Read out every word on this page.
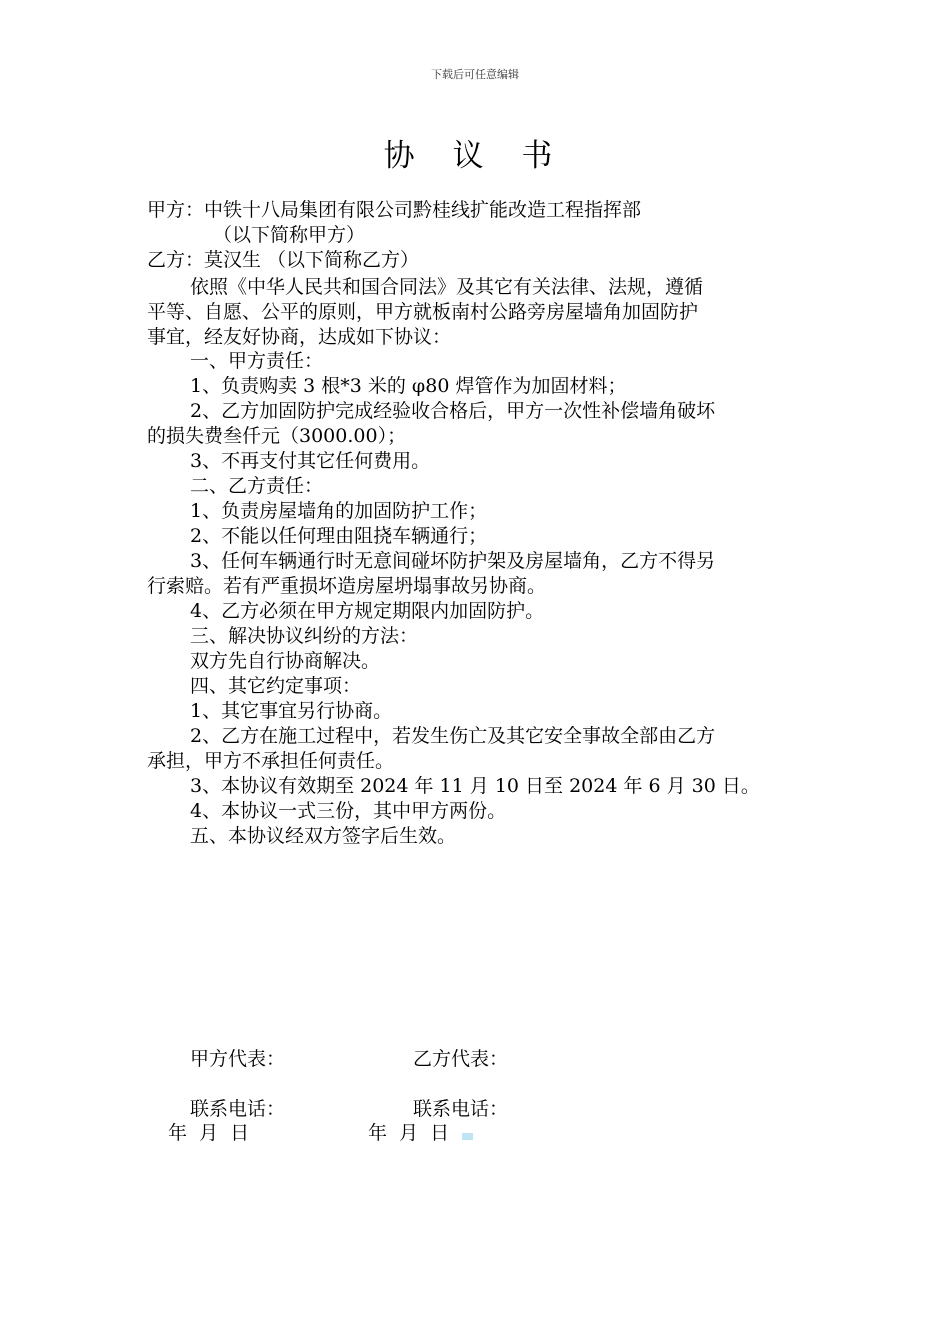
下载后可任意编辑
协 议 书
甲方：中铁十八局集团有限公司黔桂线扩能改造工程指挥部
（以下简称甲方）
乙方：莫汉生 （以下简称乙方）
依照《中华人民共和国合同法》及其它有关法律、法规，遵循
平等、自愿、公平的原则，甲方就板南村公路旁房屋墙角加固防护
事宜，经友好协商，达成如下协议：
一、甲方责任：
1、负责购卖 3 根*3 米的 φ80 焊管作为加固材料；
2、乙方加固防护完成经验收合格后，甲方一次性补偿墙角破坏
的损失费叁仟元（3000.00）；
3、不再支付其它任何费用。
二、乙方责任：
1、负责房屋墙角的加固防护工作；
2、不能以任何理由阻挠车辆通行；
3、任何车辆通行时无意间碰坏防护架及房屋墙角，乙方不得另
行索赔。若有严重损坏造房屋坍塌事故另协商。
4、乙方必须在甲方规定期限内加固防护。
三、解决协议纠纷的方法：
双方先自行协商解决。
四、其它约定事项：
1、其它事宜另行协商。
2、乙方在施工过程中，若发生伤亡及其它安全事故全部由乙方
承担，甲方不承担任何责任。
3、本协议有效期至 2024 年 11 月 10 日至 2024 年 6 月 30 日。
4、本协议一式三份，其中甲方两份。
五、本协议经双方签字后生效。
甲方代表：	乙方代表：
联系电话：	联系电话：
年  月  日	年  月  日
